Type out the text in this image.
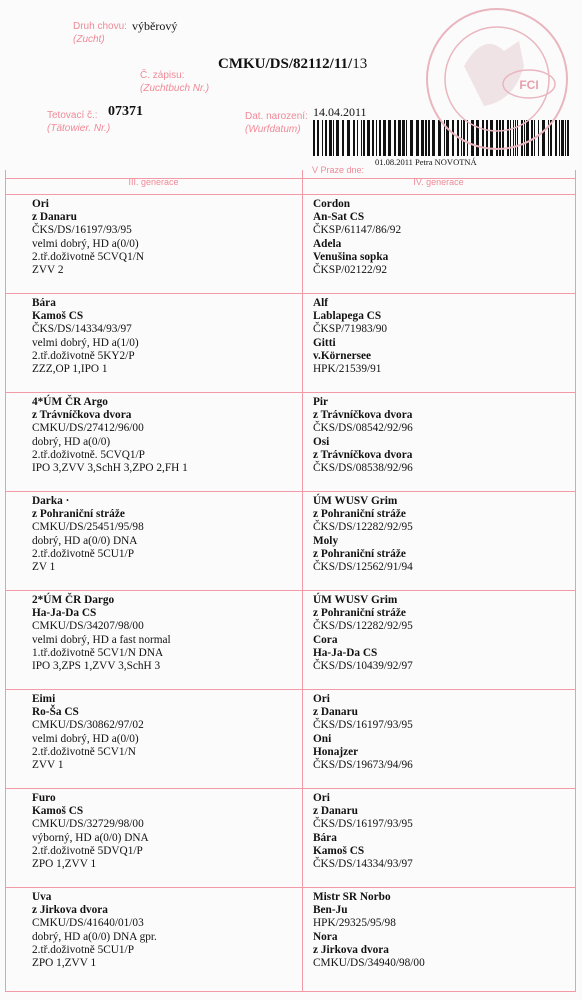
Druh chovu:
(Zucht)
výběrový
CMKU/DS/82112/11/13
Č. zápisu:
(Zuchtbuch Nr.)
Tetovací č.:
(Tätowier. Nr.)
07371	Dat. narození:
(Wurfdatum)
14.04.2011
01.08.2011 Petra NOVOTNÁ
V Praze dne:
FCI
III. generace	IV. generace
Ori
z Danaru
ČKS/DS/16197/93/95
velmi dobrý, HD a(0/0)
2.tř.doživotně 5CVQ1/N
ZVV 2
Cordon
An-Sat CS
ČKSP/61147/86/92
Adela
Venušina sopka
ČKSP/02122/92
Bára
Kamoš CS
ČKS/DS/14334/93/97
velmi dobrý, HD a(1/0)
2.tř.doživotně 5KY2/P
ZZZ,OP 1,IPO 1
Alf
Lablapega CS
ČKSP/71983/90
Gitti
v.Körnersee
HPK/21539/91
4*ÚM ČR Argo
z Trávníčkova dvora
CMKU/DS/27412/96/00
dobrý, HD a(0/0)
2.tř.doživotně. 5CVQ1/P
IPO 3,ZVV 3,SchH 3,ZPO 2,FH 1
Pir
z Trávníčkova dvora
ČKS/DS/08542/92/96
Osi
z Trávníčkova dvora
ČKS/DS/08538/92/96
Darka ·
z Pohraniční stráže
CMKU/DS/25451/95/98
dobrý, HD a(0/0) DNA
2.tř.doživotně 5CU1/P
ZV 1
ÚM WUSV Grim
z Pohraniční stráže
ČKS/DS/12282/92/95
Moly
z Pohraniční stráže
ČKS/DS/12562/91/94
2*ÚM ČR Dargo
Ha-Ja-Da CS
CMKU/DS/34207/98/00
velmi dobrý, HD a fast normal
1.tř.doživotně 5CV1/N DNA
IPO 3,ZPS 1,ZVV 3,SchH 3
ÚM WUSV Grim
z Pohraniční stráže
ČKS/DS/12282/92/95
Cora
Ha-Ja-Da CS
ČKS/DS/10439/92/97
Eimi
Ro-Ša CS
CMKU/DS/30862/97/02
velmi dobrý, HD a(0/0)
2.tř.doživotně 5CV1/N
ZVV 1
Ori
z Danaru
ČKS/DS/16197/93/95
Oni
Honajzer
ČKS/DS/19673/94/96
Furo
Kamoš CS
CMKU/DS/32729/98/00
výborný, HD a(0/0) DNA
2.tř.doživotně 5DVQ1/P
ZPO 1,ZVV 1
Ori
z Danaru
ČKS/DS/16197/93/95
Bára
Kamoš CS
ČKS/DS/14334/93/97
Uva
z Jirkova dvora
CMKU/DS/41640/01/03
dobrý, HD a(0/0) DNA gpr.
2.tř.doživotně 5CU1/P
ZPO 1,ZVV 1
Mistr SR Norbo
Ben-Ju
HPK/29325/95/98
Nora
z Jirkova dvora
CMKU/DS/34940/98/00
